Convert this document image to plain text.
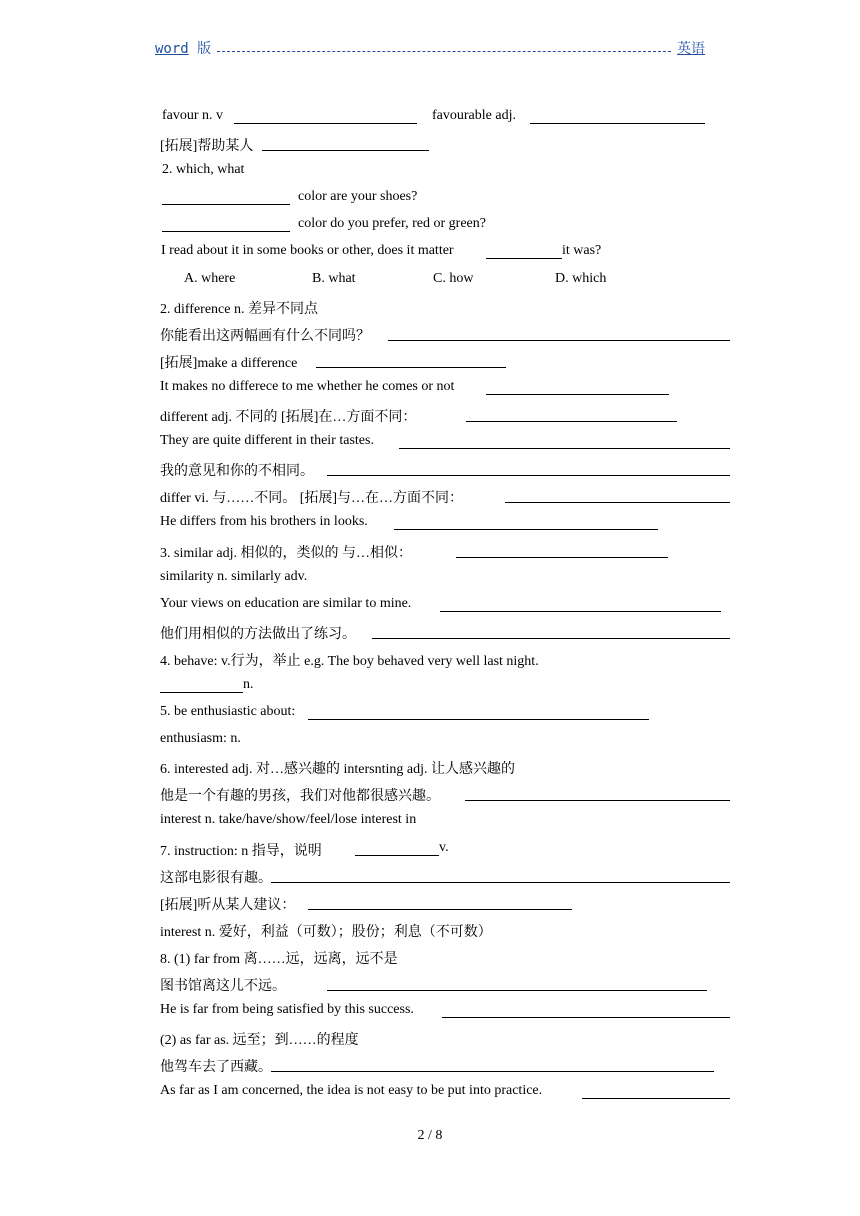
word 版	英语
favour n. v	favourable adj.
[拓展]帮助某人
2. which, what
color are your shoes?
color do you prefer, red or green?
I read about it in some books or other, does it matter	it was?
A. where	B. what	C. how	D. which
2. difference n. 差异不同点
你能看出这两幅画有什么不同吗？
[拓展]make a difference
It makes no differece to me whether he comes or not
different adj. 不同的 [拓展]在…方面不同：
They are quite different in their tastes.
我的意见和你的不相同。
differ vi. 与……不同。 [拓展]与…在…方面不同：
He differs from his brothers in looks.
3. similar adj. 相似的，类似的 与…相似：
similarity n. similarly adv.
Your views on education are similar to mine.
他们用相似的方法做出了练习。
4. behave: v.行为，举止 e.g. The boy behaved very well last night.
n.
5. be enthusiastic about:
enthusiasm: n.
6. interested adj. 对…感兴趣的 intersnting adj. 让人感兴趣的
他是一个有趣的男孩，我们对他都很感兴趣。
interest n. take/have/show/feel/lose interest in
7. instruction: n 指导，说明	v.
这部电影很有趣。
[拓展]听从某人建议：
interest n. 爱好，利益（可数）；股份；利息（不可数）
8. (1) far from 离……远，远离，远不是
图书馆离这儿不远。
He is far from being satisfied by this success.
(2) as far as. 远至；到……的程度
他驾车去了西藏。
As far as I am concerned, the idea is not easy to be put into practice.
2 / 8
